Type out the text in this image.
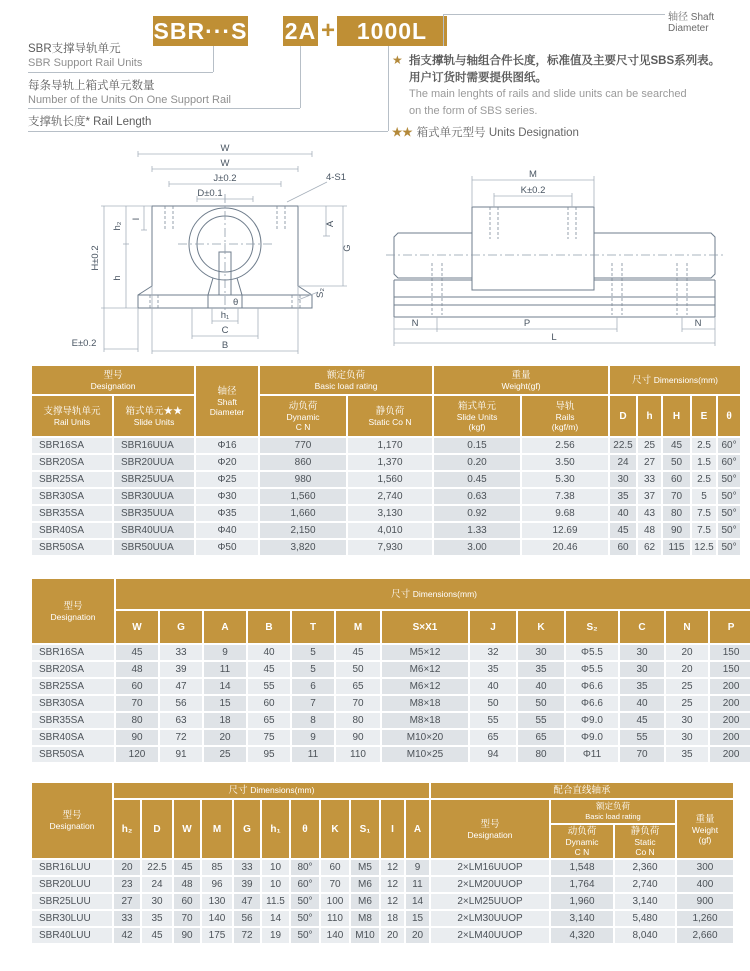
SBR···S 2A + 1000L
轴径 Shaft Diameter
SBR支撑导轨单元
SBR Support Rail Units
每条导轨上箱式单元数量
Number of the Units On One Support Rail
支撑轨长度* Rail Length
★ 指支撑轨与轴组合件长度，标准值及主要尺寸见SBS系列表。
用户订货时需要提供图纸。
The main lenghts of rails and slide units can be searched
on the form of SBS series.
★★ 箱式单元型号 Units Designation
W
W
J±0.2
D±0.1
4-S1
A
G
S₂
H±0.2
h₂
h
I
E±0.2
θ
h₁
C
B
M
K±0.2
N	P	N
L
型号
Designation		轴径
Shaft
Diameter	额定负荷
Basic load rating		重量
Weight(gf)		尺寸 Dimensions(mm)				

支撑导轨单元
Rail Units	箱式单元★★
Slide Units		动负荷
Dynamic
C N	静负荷
Static Co N	箱式单元
Slide Units
(kgf)	导轨
Rails
(kgf/m)	D	h	H	E	θ
SBR16SA	SBR16UUA	Φ16	770	1,170	0.15	2.56	22.5	25	45	2.5	60°
SBR20SA	SBR20UUA	Φ20	860	1,370	0.20	3.50	24	27	50	1.5	60°
SBR25SA	SBR25UUA	Φ25	980	1,560	0.45	5.30	30	33	60	2.5	50°
SBR30SA	SBR30UUA	Φ30	1,560	2,740	0.63	7.38	35	37	70	5	50°
SBR35SA	SBR35UUA	Φ35	1,660	3,130	0.92	9.68	40	43	80	7.5	50°
SBR40SA	SBR40UUA	Φ40	2,150	4,010	1.33	12.69	45	48	90	7.5	50°
SBR50SA	SBR50UUA	Φ50	3,820	7,930	3.00	20.46	60	62	115	12.5	50°
型号
Designation	尺寸 Dimensions(mm)												

	W	G	A	B	T	M	S×X1	J	K	S₂	C	N	P
SBR16SA	45	33	9	40	5	45	M5×12	32	30	Φ5.5	30	20	150
SBR20SA	48	39	11	45	5	50	M6×12	35	35	Φ5.5	30	20	150
SBR25SA	60	47	14	55	6	65	M6×12	40	40	Φ6.6	35	25	200
SBR30SA	70	56	15	60	7	70	M8×18	50	50	Φ6.6	40	25	200
SBR35SA	80	63	18	65	8	80	M8×18	55	55	Φ9.0	45	30	200
SBR40SA	90	72	20	75	9	90	M10×20	65	65	Φ9.0	55	30	200
SBR50SA	120	91	25	95	11	110	M10×25	94	80	Φ11	70	35	200
型号
Designation	尺寸 Dimensions(mm)											配合直线轴承			

	h₂	D	W	M	G	h₁	θ	K	S₁	I	A	型号
Designation	额定负荷
Basic load rating		重量
Weight
(gf)

													动负荷
Dynamic
C N	静负荷
Static
Co N	

SBR16LUU	20	22.5	45	85	33	10	80°	60	M5	12	9	2×LM16UUOP	1,548	2,360	300
SBR20LUU	23	24	48	96	39	10	60°	70	M6	12	11	2×LM20UUOP	1,764	2,740	400
SBR25LUU	27	30	60	130	47	11.5	50°	100	M6	12	14	2×LM25UUOP	1,960	3,140	900
SBR30LUU	33	35	70	140	56	14	50°	110	M8	18	15	2×LM30UUOP	3,140	5,480	1,260
SBR40LUU	42	45	90	175	72	19	50°	140	M10	20	20	2×LM40UUOP	4,320	8,040	2,660
